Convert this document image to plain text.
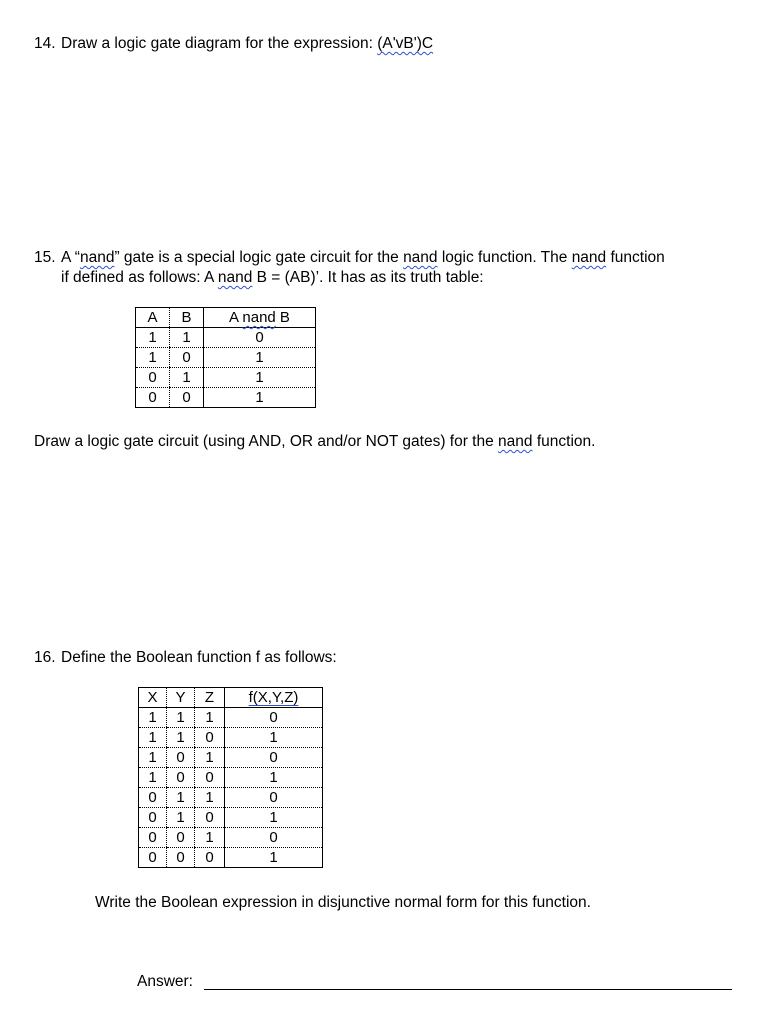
14. Draw a logic gate diagram for the expression: (A'vB')C
15. A “nand” gate is a special logic gate circuit for the nand logic function. The nand function
if defined as follows: A nand B = (AB)’. It has as its truth table:
A	B	A nand B
1	1	0
1	0	1
0	1	1
0	0	1
Draw a logic gate circuit (using AND, OR and/or NOT gates) for the nand function.
16. Define the Boolean function f as follows:
X	Y	Z	f(X,Y,Z)
1	1	1	0
1	1	0	1
1	0	1	0
1	0	0	1
0	1	1	0
0	1	0	1
0	0	1	0
0	0	0	1
Write the Boolean expression in disjunctive normal form for this function.
Answer:
